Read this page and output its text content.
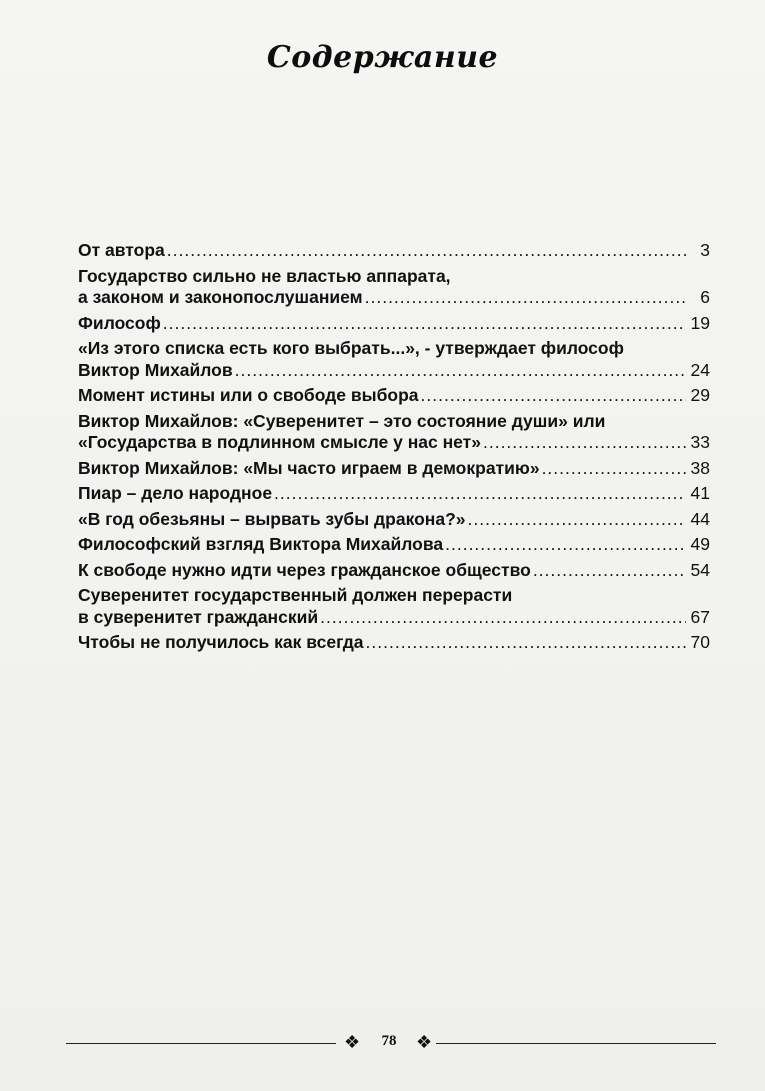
Содержание
От автора .....	3
Государство сильно не властью аппарата,
а законом и законопослушанием .....	6
Философ .....	19
«Из этого списка есть кого выбрать...», - утверждает философ
Виктор Михайлов .....	24
Момент истины или о свободе выбора .....	29
Виктор Михайлов: «Суверенитет – это состояние души» или
«Государства в подлинном смысле у нас нет» .....	33
Виктор Михайлов: «Мы часто играем в демократию» .....	38
Пиар – дело народное .....	41
«В год обезьяны – вырвать зубы дракона?» .....	44
Философский взгляд Виктора Михайлова .....	49
К свободе нужно идти через гражданское общество .....	54
Суверенитет государственный должен перерасти
в суверенитет гражданский .....	67
Чтобы не получилось как всегда .....	70
❖	78	❖
